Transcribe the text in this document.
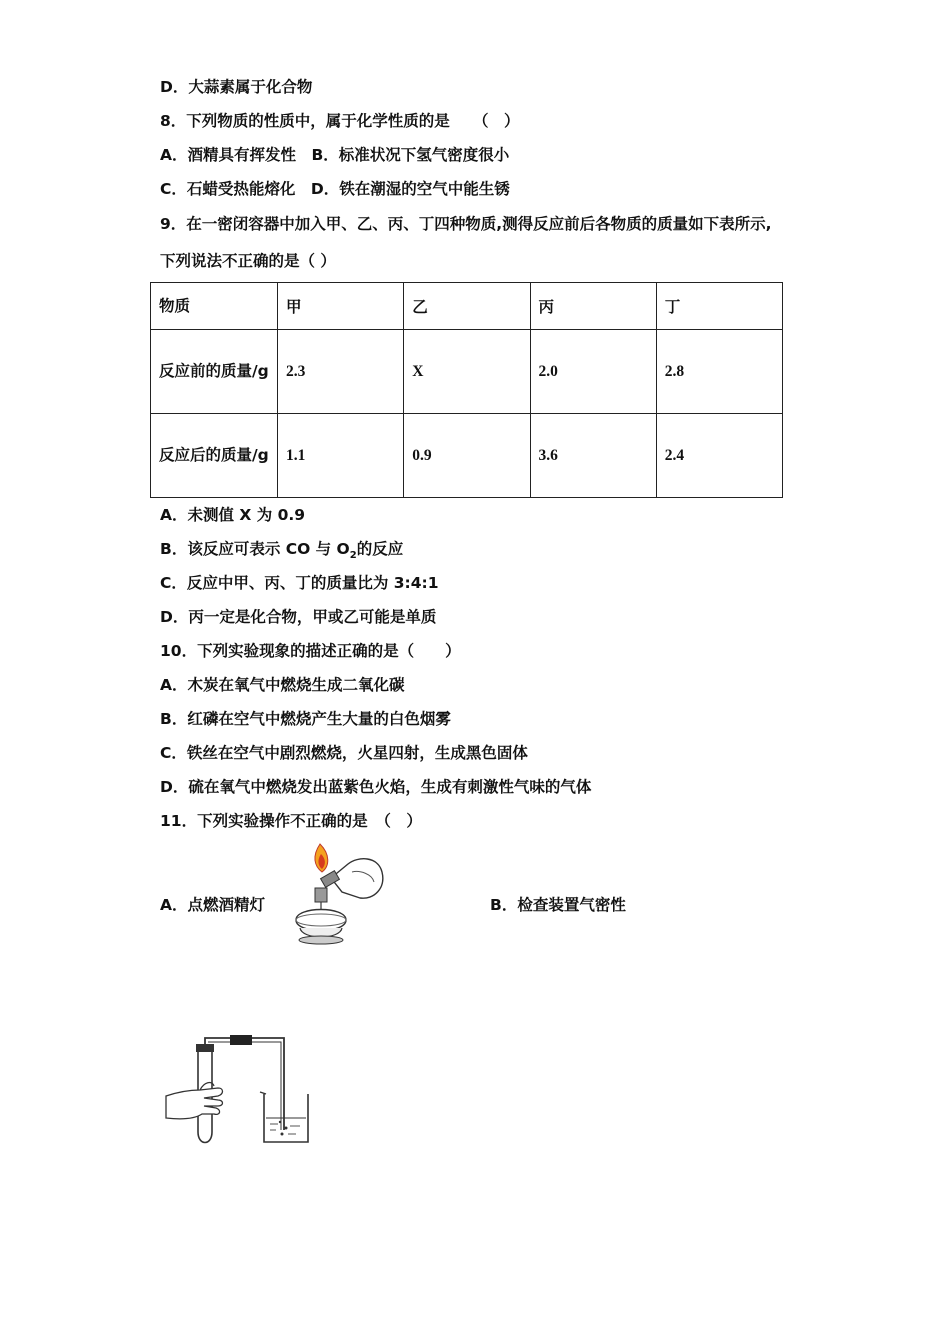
D．大蒜素属于化合物
8．下列物质的性质中，属于化学性质的是　　（　）
A．酒精具有挥发性　B．标准状况下氢气密度很小
C．石蜡受热能熔化　D．铁在潮湿的空气中能生锈
9．在一密闭容器中加入甲、乙、丙、丁四种物质,测得反应前后各物质的质量如下表所示,
下列说法不正确的是（ ）
物质	甲	乙	丙	丁
反应前的质量/g	2.3	X	2.0	2.8
反应后的质量/g	1.1	0.9	3.6	2.4
A．未测值 X 为 0.9
B．该反应可表示 CO 与 $O_2$的反应
C．反应中甲、丙、丁的质量比为 3:4:1
D．丙一定是化合物，甲或乙可能是单质
10．下列实验现象的描述正确的是（　　）
A．木炭在氧气中燃烧生成二氧化碳
B．红磷在空气中燃烧产生大量的白色烟雾
C．铁丝在空气中剧烈燃烧，火星四射，生成黑色固体
D．硫在氧气中燃烧发出蓝紫色火焰，生成有刺激性气味的气体
11．下列实验操作不正确的是　（　）
A．点燃酒精灯	B．检查装置气密性
